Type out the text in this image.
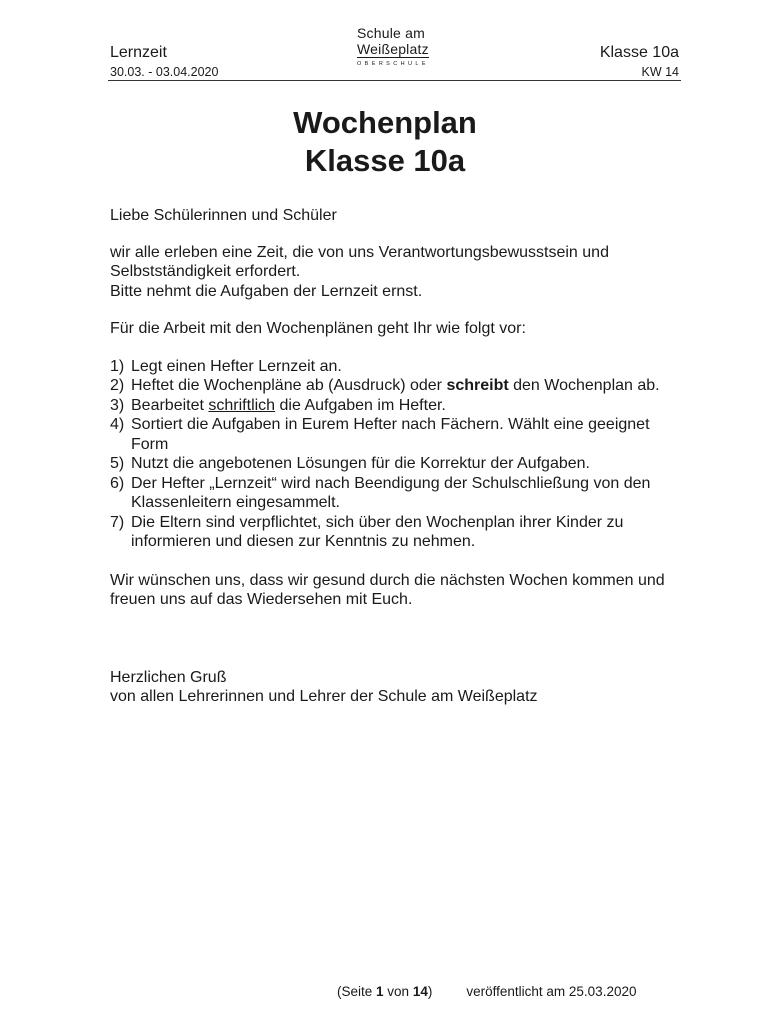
Lernzeit
30.03. - 03.04.2020
Schule am
Weißeplatz
OBERSCHULE
Klasse 10a
KW 14
Wochenplan
Klasse 10a

Liebe Schülerinnen und Schüler

wir alle erleben eine Zeit, die von uns Verantwortungsbewusstsein und Selbstständigkeit erfordert.

Bitte nehmt die Aufgaben der Lernzeit ernst.

Für die Arbeit mit den Wochenplänen geht Ihr wie folgt vor:

1) Legt einen Hefter Lernzeit an.
2) Heftet die Wochenpläne ab (Ausdruck) oder schreibt den Wochenplan ab.
3) Bearbeitet schriftlich die Aufgaben im Hefter.
4) Sortiert die Aufgaben in Eurem Hefter nach Fächern. Wählt eine geeignet Form
5) Nutzt die angebotenen Lösungen für die Korrektur der Aufgaben.
6) Der Hefter „Lernzeit“ wird nach Beendigung der Schulschließung von den Klassenleitern eingesammelt.
7) Die Eltern sind verpflichtet, sich über den Wochenplan ihrer Kinder zu informieren und diesen zur Kenntnis zu nehmen.

Wir wünschen uns, dass wir gesund durch die nächsten Wochen kommen und freuen uns auf das Wiedersehen mit Euch.

Herzlichen Gruß

von allen Lehrerinnen und Lehrer der Schule am Weißeplatz

(Seite 1 von 14)	veröffentlicht am 25.03.2020
